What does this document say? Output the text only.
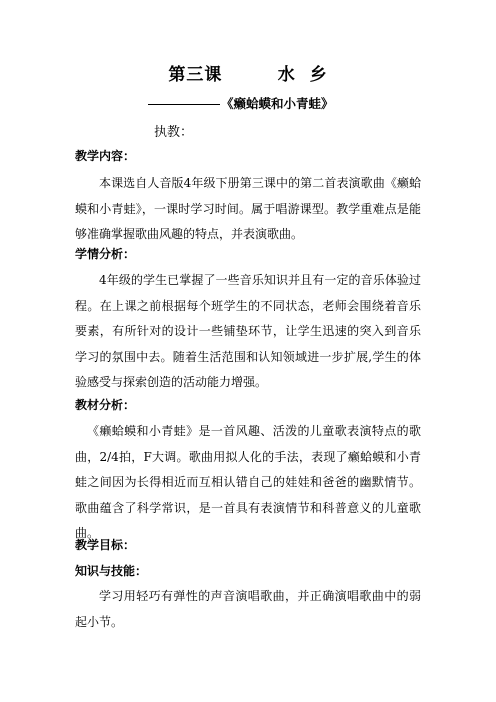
第三课        水  乡
《癞蛤蟆和小青蛙》
执教：
教学内容：
本课选自人音版4年级下册第三课中的第二首表演歌曲《癞蛤蟆和小青蛙》，一课时学习时间。属于唱游课型。教学重难点是能够准确掌握歌曲风趣的特点，并表演歌曲。
学情分析：
4年级的学生已掌握了一些音乐知识并且有一定的音乐体验过程。在上课之前根据每个班学生的不同状态，老师会围绕着音乐要素，有所针对的设计一些铺垫环节，让学生迅速的突入到音乐学习的氛围中去。随着生活范围和认知领域进一步扩展,学生的体验感受与探索创造的活动能力增强。
教材分析：
《癞蛤蟆和小青蛙》是一首风趣、活泼的儿童歌表演特点的歌曲，2/4拍，F大调。歌曲用拟人化的手法，表现了癞蛤蟆和小青蛙之间因为长得相近而互相认错自己的娃娃和爸爸的幽默情节。歌曲蕴含了科学常识，是一首具有表演情节和科普意义的儿童歌曲。
教学目标：
知识与技能：
学习用轻巧有弹性的声音演唱歌曲，并正确演唱歌曲中的弱起小节。
